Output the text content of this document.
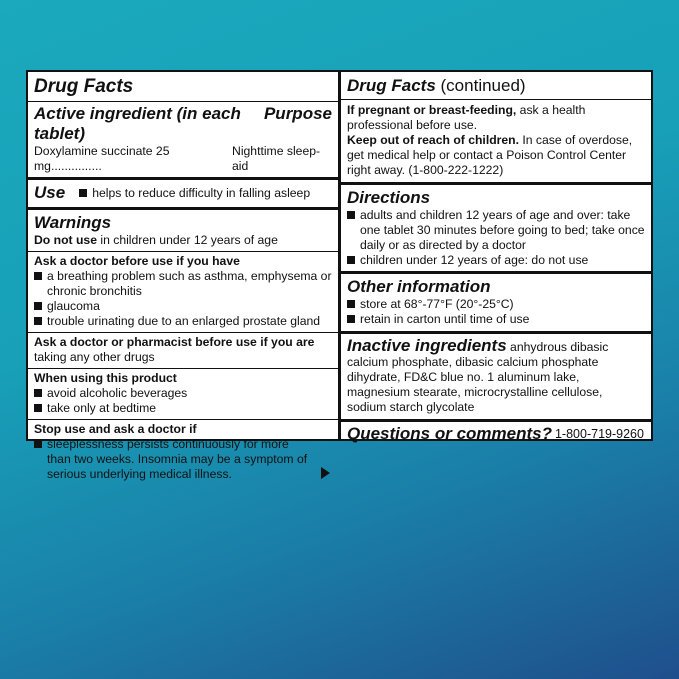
Drug Facts
Active ingredient (in each tablet)
Purpose
Doxylamine succinate 25 mg...............
Nighttime sleep-aid
Use helps to reduce difficulty in falling asleep
Warnings
Do not use in children under 12 years of age
Ask a doctor before use if you have
a breathing problem such as asthma, emphysema or chronic bronchitis
glaucoma
trouble urinating due to an enlarged prostate gland
Ask a doctor or pharmacist before use if you are
taking any other drugs
When using this product
avoid alcoholic beverages
take only at bedtime
Stop use and ask a doctor if
sleeplessness persists continuously for more than two weeks. Insomnia may be a symptom of serious underlying medical illness.
Drug Facts (continued)
If pregnant or breast-feeding, ask a health professional before use.
Keep out of reach of children. In case of overdose, get medical help or contact a Poison Control Center right away. (1-800-222-1222)
Directions
adults and children 12 years of age and over: take one tablet 30 minutes before going to bed; take once daily or as directed by a doctor
children under 12 years of age: do not use
Other information
store at 68°-77°F (20°-25°C)
retain in carton until time of use
Inactive ingredients anhydrous dibasic calcium phosphate, dibasic calcium phosphate dihydrate, FD&C blue no. 1 aluminum lake, magnesium stearate, microcrystalline cellulose, sodium starch glycolate
Questions or comments? 1-800-719-9260
